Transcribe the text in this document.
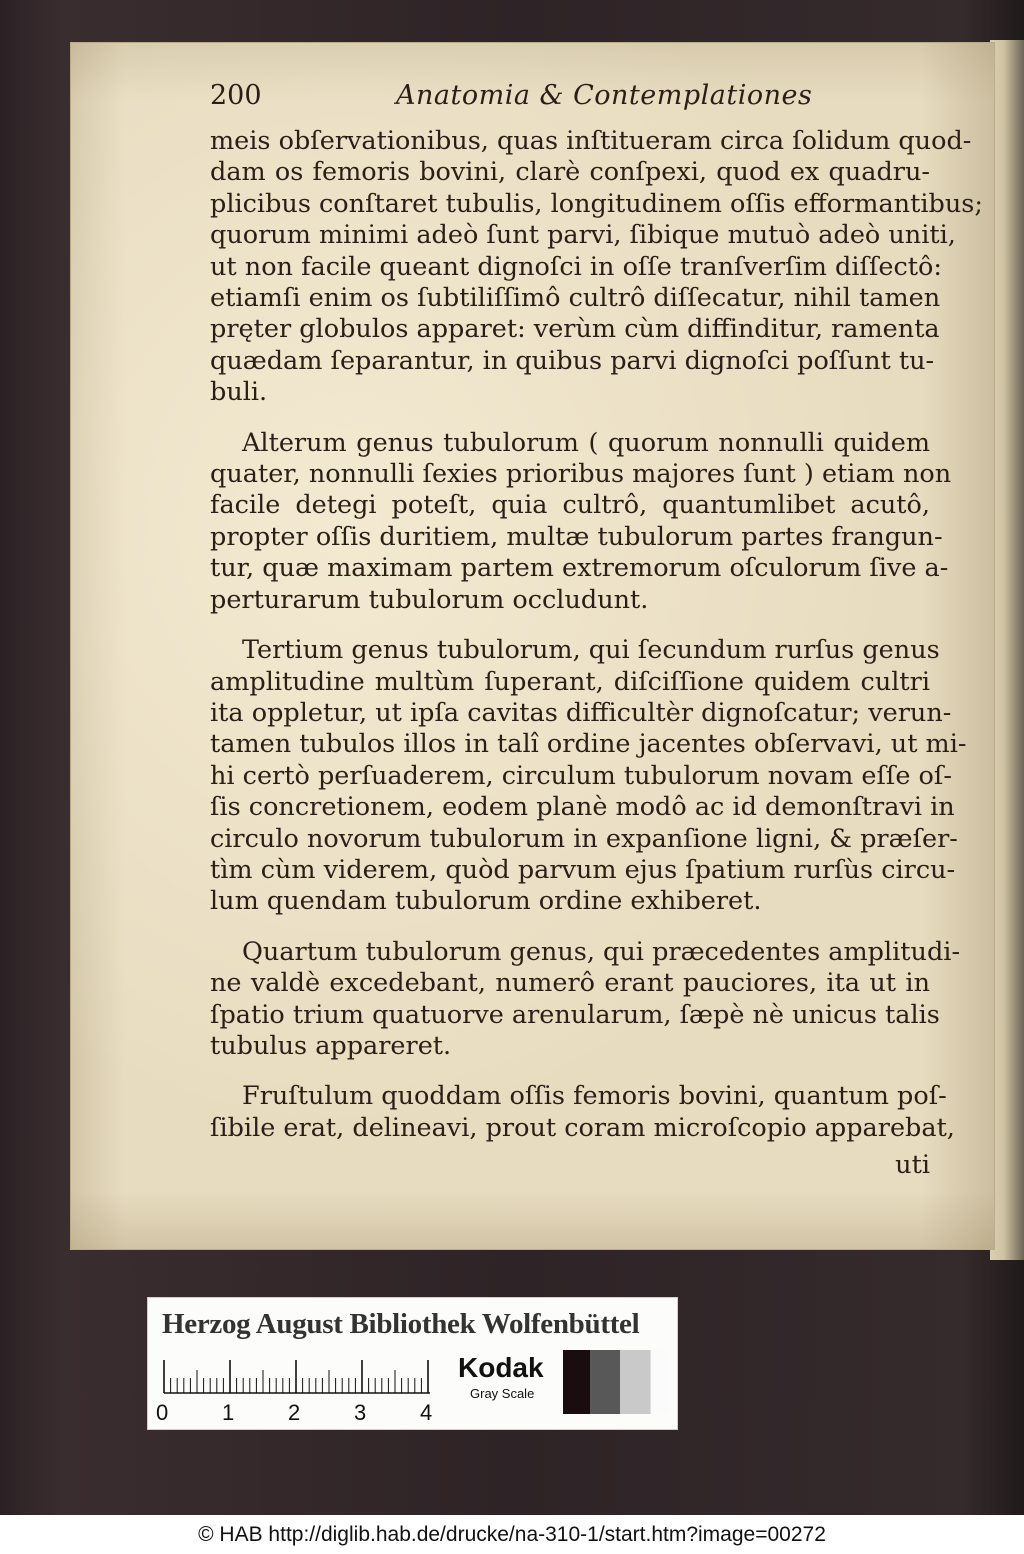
200	Anatomia & Contemplationes
meis obſervationibus, quas inſtitueram circa ſolidum quod-
dam os femoris bovini, clarè conſpexi, quod ex quadru-
plicibus conſtaret tubulis, longitudinem oſſis efformantibus;
quorum minimi adeò ſunt parvi, ſibique mutuò adeò uniti,
ut non facile queant dignoſci in oſſe tranſverſim diſſectô:
etiamſi enim os ſubtiliſſimô cultrô diſſecatur, nihil tamen
pręter globulos apparet: verùm cùm diffinditur, ramenta
quædam ſeparantur, in quibus parvi dignoſci poſſunt tu-
buli.
Alterum genus tubulorum ( quorum nonnulli quidem
quater, nonnulli ſexies prioribus majores ſunt ) etiam non
facile detegi poteſt, quia cultrô, quantumlibet acutô,
propter oſſis duritiem, multæ tubulorum partes frangun-
tur, quæ maximam partem extremorum oſculorum ſive a-
perturarum tubulorum occludunt.
Tertium genus tubulorum, qui ſecundum rurſus genus
amplitudine multùm ſuperant, diſciſſione quidem cultri
ita oppletur, ut ipſa cavitas difficultèr dignoſcatur; verun-
tamen tubulos illos in talî ordine jacentes obſervavi, ut mi-
hi certò perſuaderem, circulum tubulorum novam eſſe oſ-
ſis concretionem, eodem planè modô ac id demonſtravi in
circulo novorum tubulorum in expanſione ligni, & præſer-
tìm cùm viderem, quòd parvum ejus ſpatium rurſùs circu-
lum quendam tubulorum ordine exhiberet.
Quartum tubulorum genus, qui præcedentes amplitudi-
ne valdè excedebant, numerô erant pauciores, ita ut in
ſpatio trium quatuorve arenularum, ſæpè nè unicus talis
tubulus appareret.
Fruſtulum quoddam oſſis femoris bovini, quantum poſ-
ſibile erat, delineavi, prout coram microſcopio apparebat,
uti
Herzog August Bibliothek Wolfenbüttel
0 1 2 3 4
Kodak
Gray Scale
© HAB http://diglib.hab.de/drucke/na-310-1/start.htm?image=00272
